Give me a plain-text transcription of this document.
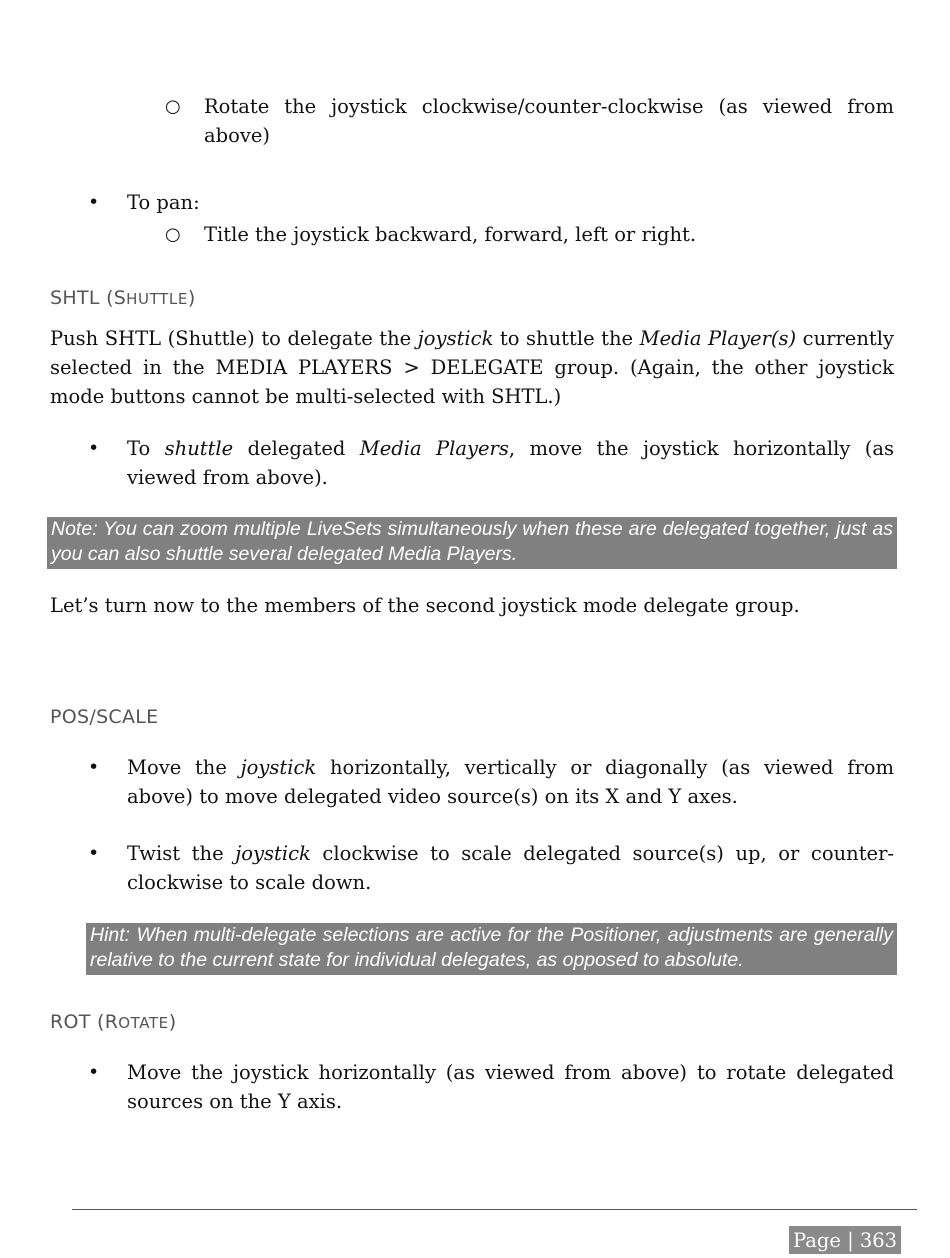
○ Rotate the joystick clockwise/counter-clockwise (as viewed from above)

• To pan:

○ Title the joystick backward, forward, left or right.

SHTL (SHUTTLE)

Push SHTL (Shuttle) to delegate the joystick to shuttle the Media Player(s) currently selected in the MEDIA PLAYERS > DELEGATE group. (Again, the other joystick mode buttons cannot be multi-selected with SHTL.)

• To shuttle delegated Media Players, move the joystick horizontally (as viewed from above).

Note: You can zoom multiple LiveSets simultaneously when these are delegated together, just as you can also shuttle several delegated Media Players.

Let’s turn now to the members of the second joystick mode delegate group.

POS/SCALE
• Move the joystick horizontally, vertically or diagonally (as viewed from above) to move delegated video source(s) on its X and Y axes.

• Twist the joystick clockwise to scale delegated source(s) up, or counter-clockwise to scale down.

Hint: When multi-delegate selections are active for the Positioner, adjustments are generally relative to the current state for individual delegates, as opposed to absolute.
ROT (ROTATE)
• Move the joystick horizontally (as viewed from above) to rotate delegated sources on the Y axis.

Page | 363
